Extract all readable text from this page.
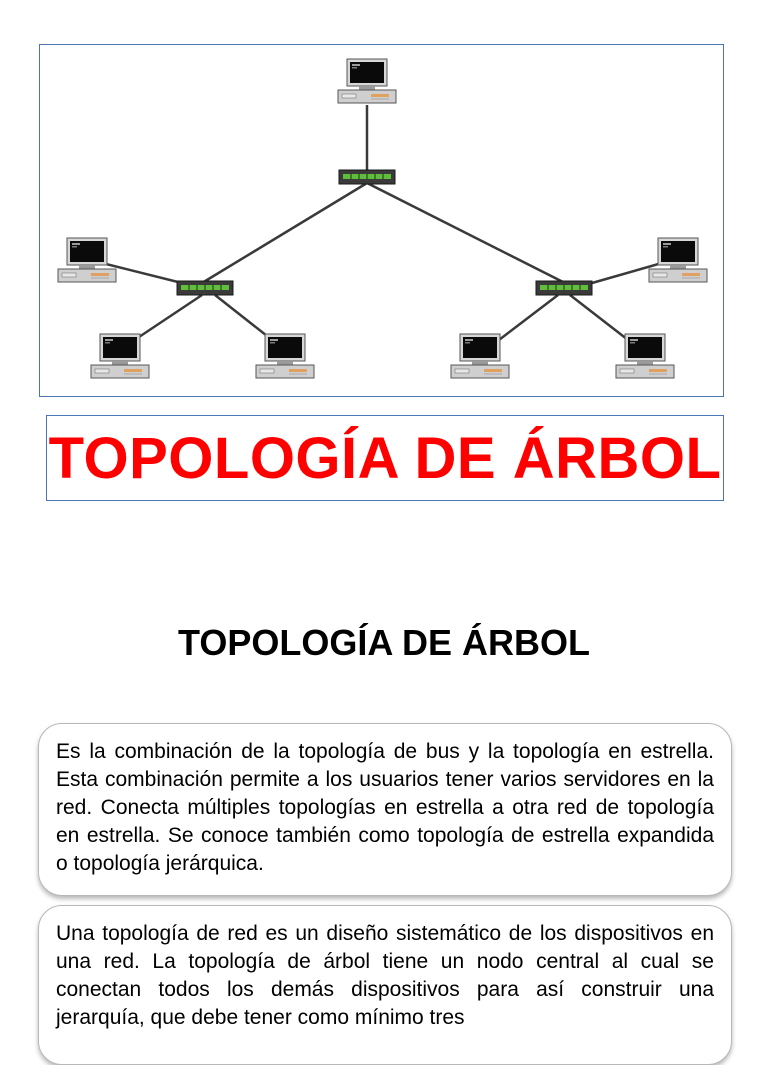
TOPOLOGÍA DE ÁRBOL
TOPOLOGÍA DE ÁRBOL
Es la combinación de la topología de bus y la topología en estrella. Esta combinación permite a los usuarios tener varios servidores en la red. Conecta múltiples topologías en estrella a otra red de topología en estrella. Se conoce también como topología de estrella expandida o topología jerárquica.
Una topología de red es un diseño sistemático de los dispositivos en una red. La topología de árbol tiene un nodo central al cual se conectan todos los demás dispositivos para así construir una jerarquía, que debe tener como mínimo tres
